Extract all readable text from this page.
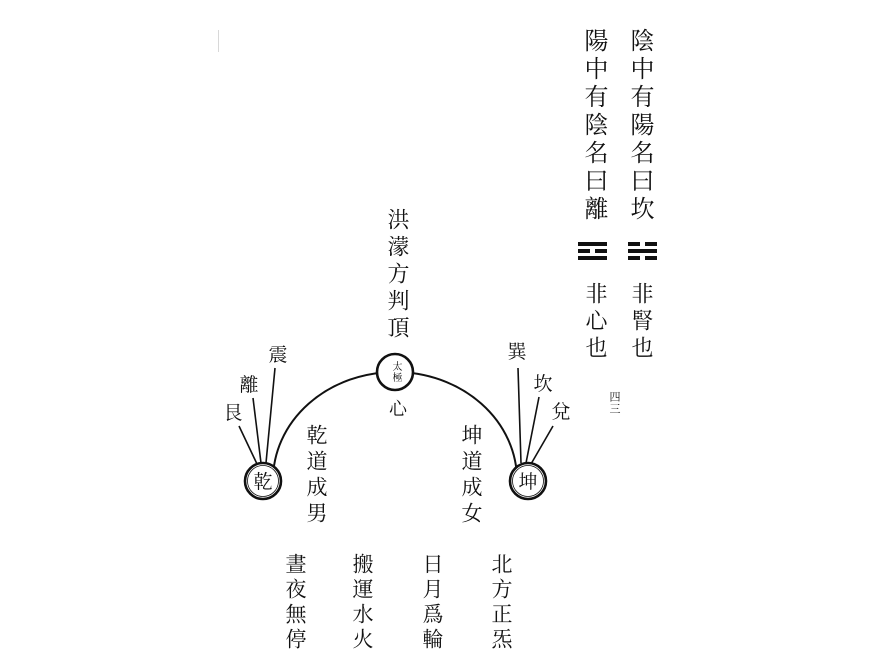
乾	坤
陰中有陽名曰坎
陽中有陰名曰離
非腎也
非心也
四三
洪濛方判頂
太極
心
艮
離
震	巽
坎
兌
乾道成男	坤道成女
北方正炁
日月爲輪
搬運水火
晝夜無停
